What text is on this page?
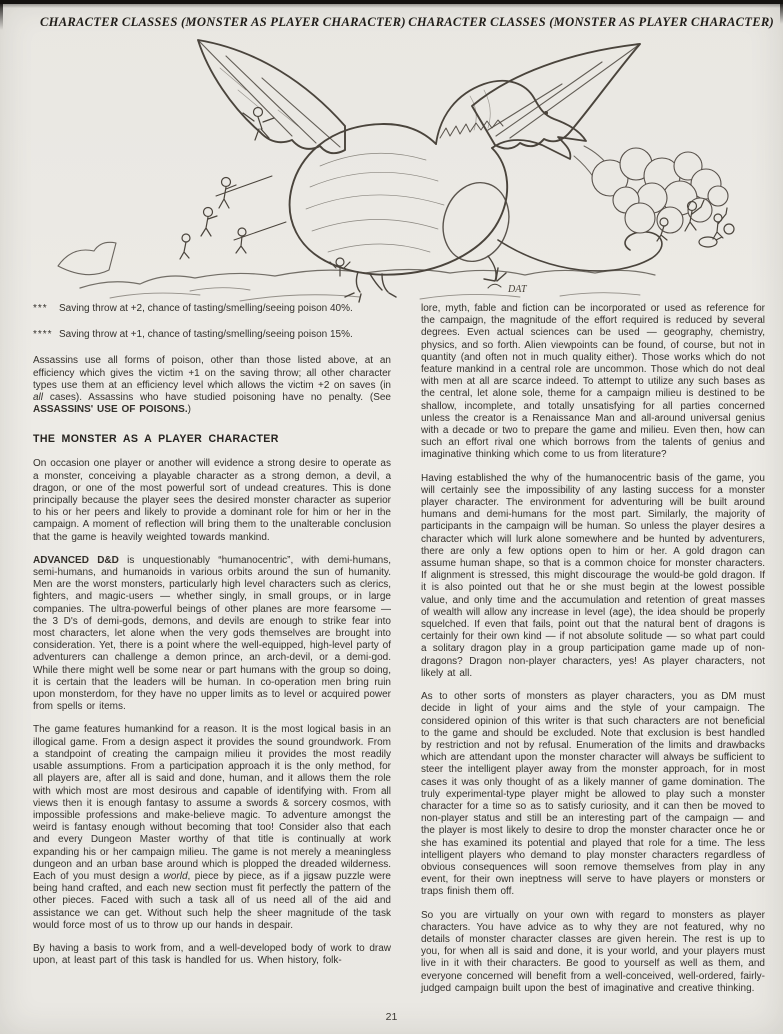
CHARACTER CLASSES (MONSTER AS PLAYER CHARACTER) CHARACTER CLASSES (MONSTER AS PLAYER CHARACTER)
DAT
***	Saving throw at +2, chance of tasting/smelling/seeing poison 40%.
**** Saving throw at +1, chance of tasting/smelling/seeing poison 15%.

Assassins use all forms of poison, other than those listed above, at an efficiency which gives the victim +1 on the saving throw; all other character types use them at an efficiency level which allows the victim +2 on saves (in all cases). Assassins who have studied poisoning have no penalty. (See ASSASSINS' USE OF POISONS.)

THE MONSTER AS A PLAYER CHARACTER

On occasion one player or another will evidence a strong desire to operate as a monster, conceiving a playable character as a strong demon, a devil, a dragon, or one of the most powerful sort of undead creatures. This is done principally because the player sees the desired monster character as superior to his or her peers and likely to provide a dominant role for him or her in the campaign. A moment of reflection will bring them to the unalterable conclusion that the game is heavily weighted towards mankind.

ADVANCED D&D is unquestionably “humanocentric”, with demi-humans, semi-humans, and humanoids in various orbits around the sun of humanity. Men are the worst monsters, particularly high level characters such as clerics, fighters, and magic-users — whether singly, in small groups, or in large companies. The ultra-powerful beings of other planes are more fearsome — the 3 D's of demi-gods, demons, and devils are enough to strike fear into most characters, let alone when the very gods themselves are brought into consideration. Yet, there is a point where the well-equipped, high-level party of adventurers can challenge a demon prince, an arch-devil, or a demi-god. While there might well be some near or part humans with the group so doing, it is certain that the leaders will be human. In co-operation men bring ruin upon monsterdom, for they have no upper limits as to level or acquired power from spells or items.

The game features humankind for a reason. It is the most logical basis in an illogical game. From a design aspect it provides the sound groundwork. From a standpoint of creating the campaign milieu it provides the most readily usable assumptions. From a participation approach it is the only method, for all players are, after all is said and done, human, and it allows them the role with which most are most desirous and capable of identifying with. From all views then it is enough fantasy to assume a swords & sorcery cosmos, with impossible professions and make-believe magic. To adventure amongst the weird is fantasy enough without becoming that too! Consider also that each and every Dungeon Master worthy of that title is continually at work expanding his or her campaign milieu. The game is not merely a meaningless dungeon and an urban base around which is plopped the dreaded wilderness. Each of you must design a world, piece by piece, as if a jigsaw puzzle were being hand crafted, and each new section must fit perfectly the pattern of the other pieces. Faced with such a task all of us need all of the aid and assistance we can get. Without such help the sheer magnitude of the task would force most of us to throw up our hands in despair.

By having a basis to work from, and a well-developed body of work to draw upon, at least part of this task is handled for us. When history, folk-

lore, myth, fable and fiction can be incorporated or used as reference for the campaign, the magnitude of the effort required is reduced by several degrees. Even actual sciences can be used — geography, chemistry, physics, and so forth. Alien viewpoints can be found, of course, but not in quantity (and often not in much quality either). Those works which do not feature mankind in a central role are uncommon. Those which do not deal with men at all are scarce indeed. To attempt to utilize any such bases as the central, let alone sole, theme for a campaign milieu is destined to be shallow, incomplete, and totally unsatisfying for all parties concerned unless the creator is a Renaissance Man and all-around universal genius with a decade or two to prepare the game and milieu. Even then, how can such an effort rival one which borrows from the talents of genius and imaginative thinking which come to us from literature?

Having established the why of the humanocentric basis of the game, you will certainly see the impossibility of any lasting success for a monster player character. The environment for adventuring will be built around humans and demi-humans for the most part. Similarly, the majority of participants in the campaign will be human. So unless the player desires a character which will lurk alone somewhere and be hunted by adventurers, there are only a few options open to him or her. A gold dragon can assume human shape, so that is a common choice for monster characters. If alignment is stressed, this might discourage the would-be gold dragon. If it is also pointed out that he or she must begin at the lowest possible value, and only time and the accumulation and retention of great masses of wealth will allow any increase in level (age), the idea should be properly squelched. If even that fails, point out that the natural bent of dragons is certainly for their own kind — if not absolute solitude — so what part could a solitary dragon play in a group participation game made up of non-dragons? Dragon non-player characters, yes! As player characters, not likely at all.

As to other sorts of monsters as player characters, you as DM must decide in light of your aims and the style of your campaign. The considered opinion of this writer is that such characters are not beneficial to the game and should be excluded. Note that exclusion is best handled by restriction and not by refusal. Enumeration of the limits and drawbacks which are attendant upon the monster character will always be sufficient to steer the intelligent player away from the monster approach, for in most cases it was only thought of as a likely manner of game domination. The truly experimental-type player might be allowed to play such a monster character for a time so as to satisfy curiosity, and it can then be moved to non-player status and still be an interesting part of the campaign — and the player is most likely to desire to drop the monster character once he or she has examined its potential and played that role for a time. The less intelligent players who demand to play monster characters regardless of obvious consequences will soon remove themselves from play in any event, for their own ineptness will serve to have players or monsters or traps finish them off.

So you are virtually on your own with regard to monsters as player characters. You have advice as to why they are not featured, why no details of monster character classes are given herein. The rest is up to you, for when all is said and done, it is your world, and your players must live in it with their characters. Be good to yourself as well as them, and everyone concerned will benefit from a well-conceived, well-ordered, fairly-judged campaign built upon the best of imaginative and creative thinking.

21
